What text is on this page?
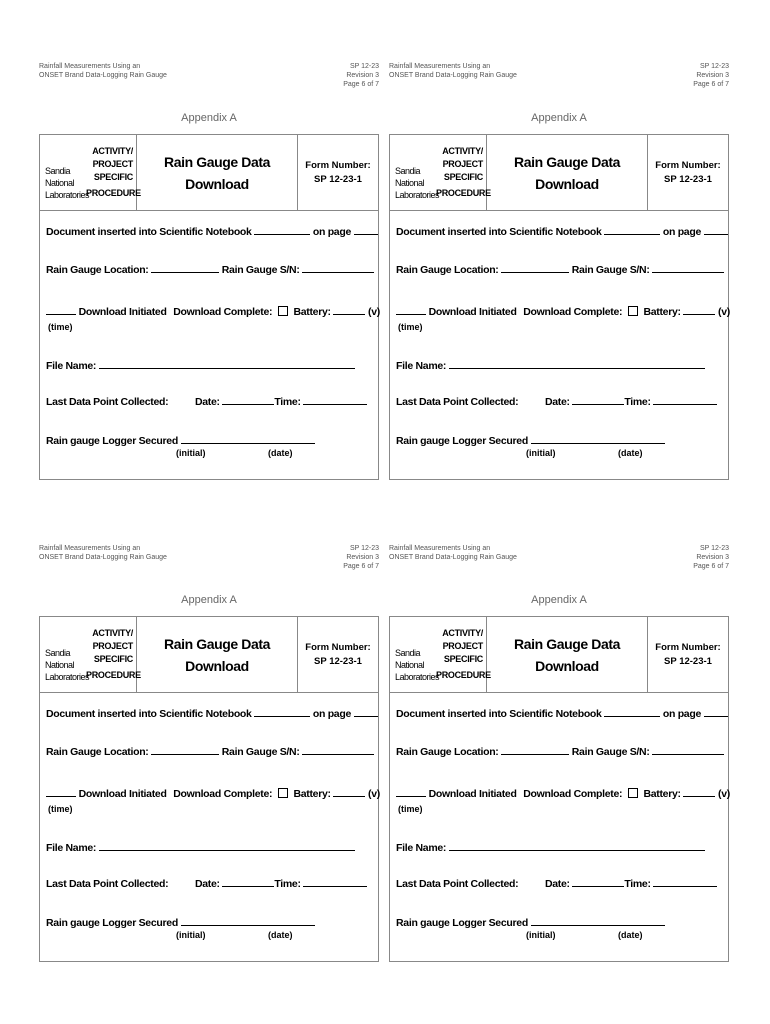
Rainfall Measurements Using an
ONSET Brand Data-Logging Rain Gauge
SP 12-23
Revision 3
Page 6 of 7
Appendix A
ACTIVITY/
PROJECT
SPECIFIC
Sandia
National
Laboratories
PROCEDURE
Rain Gauge Data
Download
Form Number:
SP 12-23-1
Document inserted into Scientific Notebook	on page
Rain Gauge Location:	Rain Gauge S/N:
Download Initiated Download Complete: Battery:	(v)
(time)
File Name:
Last Data Point Collected:	Date:	Time:
Rain gauge Logger Secured
(initial)	(date)
Rainfall Measurements Using an
ONSET Brand Data-Logging Rain Gauge
SP 12-23
Revision 3
Page 6 of 7
Appendix A
ACTIVITY/
PROJECT
SPECIFIC
Sandia
National
Laboratories
PROCEDURE
Rain Gauge Data
Download
Form Number:
SP 12-23-1
Document inserted into Scientific Notebook	on page
Rain Gauge Location:	Rain Gauge S/N:
Download Initiated Download Complete: Battery:	(v)
(time)
File Name:
Last Data Point Collected:	Date:	Time:
Rain gauge Logger Secured
(initial)	(date)
Rainfall Measurements Using an
ONSET Brand Data-Logging Rain Gauge
SP 12-23
Revision 3
Page 6 of 7
Appendix A
ACTIVITY/
PROJECT
SPECIFIC
Sandia
National
Laboratories
PROCEDURE
Rain Gauge Data
Download
Form Number:
SP 12-23-1
Document inserted into Scientific Notebook	on page
Rain Gauge Location:	Rain Gauge S/N:
Download Initiated Download Complete: Battery:	(v)
(time)
File Name:
Last Data Point Collected:	Date:	Time:
Rain gauge Logger Secured
(initial)	(date)
Rainfall Measurements Using an
ONSET Brand Data-Logging Rain Gauge
SP 12-23
Revision 3
Page 6 of 7
Appendix A
ACTIVITY/
PROJECT
SPECIFIC
Sandia
National
Laboratories
PROCEDURE
Rain Gauge Data
Download
Form Number:
SP 12-23-1
Document inserted into Scientific Notebook	on page
Rain Gauge Location:	Rain Gauge S/N:
Download Initiated Download Complete: Battery:	(v)
(time)
File Name:
Last Data Point Collected:	Date:	Time:
Rain gauge Logger Secured
(initial)	(date)
